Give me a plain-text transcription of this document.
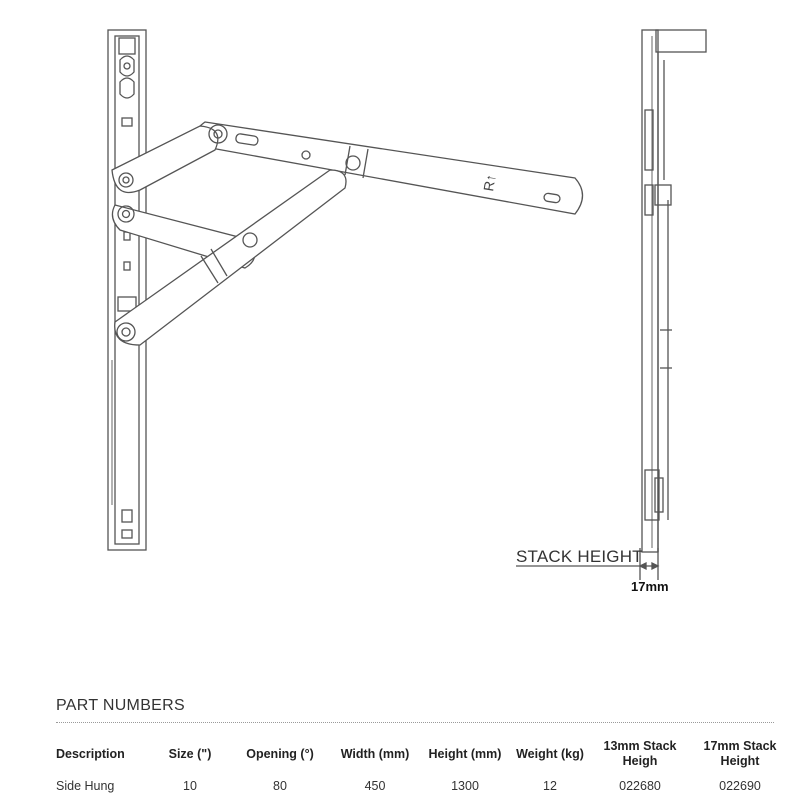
R↑
STACK HEIGHT
17mm
PART NUMBERS
Description	Size (")	Opening (°)	Width (mm)	Height (mm)	Weight (kg)	13mm Stack Heigh	17mm Stack Height
Side Hung	10	80	450	1300	12	022680	022690
